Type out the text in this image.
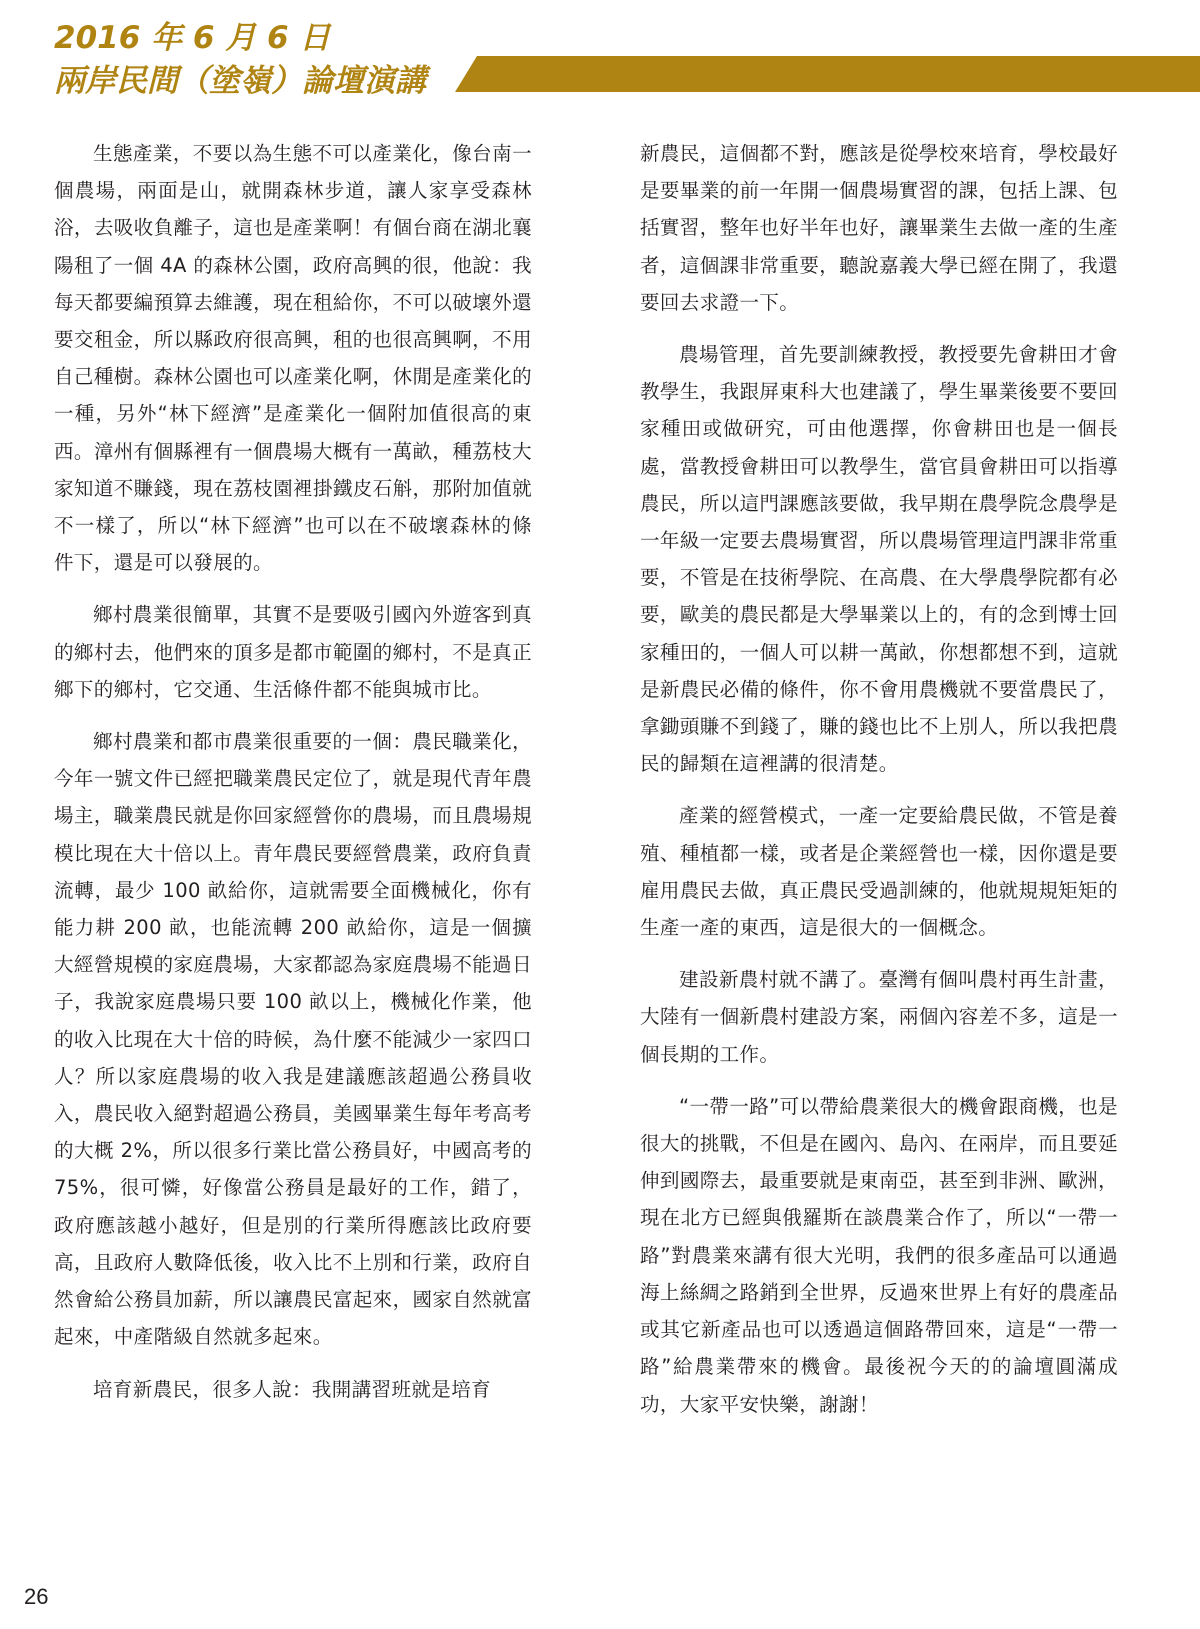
2016 年 6 月 6 日
兩岸民間（塗嶺）論壇演講

生態產業，不要以為生態不可以產業化，像台南一個農場，兩面是山，就開森林步道，讓人家享受森林浴，去吸收負離子，這也是產業啊！有個台商在湖北襄陽租了一個 4A 的森林公園，政府高興的很，他說：我每天都要編預算去維護，現在租給你，不可以破壞外還要交租金，所以縣政府很高興，租的也很高興啊，不用自己種樹。森林公園也可以產業化啊，休閒是產業化的一種，另外“林下經濟”是產業化一個附加值很高的東西。漳州有個縣裡有一個農場大概有一萬畝，種荔枝大家知道不賺錢，現在荔枝園裡掛鐵皮石斛，那附加值就不一樣了，所以“林下經濟”也可以在不破壞森林的條件下，還是可以發展的。

鄉村農業很簡單，其實不是要吸引國內外遊客到真的鄉村去，他們來的頂多是都市範圍的鄉村，不是真正鄉下的鄉村，它交通、生活條件都不能與城市比。

鄉村農業和都市農業很重要的一個：農民職業化，今年一號文件已經把職業農民定位了，就是現代青年農場主，職業農民就是你回家經營你的農場，而且農場規模比現在大十倍以上。青年農民要經營農業，政府負責流轉，最少 100 畝給你，這就需要全面機械化，你有能力耕 200 畝，也能流轉 200 畝給你，這是一個擴大經營規模的家庭農場，大家都認為家庭農場不能過日子，我說家庭農場只要 100 畝以上，機械化作業，他的收入比現在大十倍的時候，為什麼不能減少一家四口人？所以家庭農場的收入我是建議應該超過公務員收入，農民收入絕對超過公務員，美國畢業生每年考高考的大概 2%，所以很多行業比當公務員好，中國高考的 75%，很可憐，好像當公務員是最好的工作，錯了，政府應該越小越好，但是別的行業所得應該比政府要高，且政府人數降低後，收入比不上別和行業，政府自然會給公務員加薪，所以讓農民富起來，國家自然就富起來，中產階級自然就多起來。

培育新農民，很多人說：我開講習班就是培育

新農民，這個都不對，應該是從學校來培育，學校最好是要畢業的前一年開一個農場實習的課，包括上課、包括實習，整年也好半年也好，讓畢業生去做一產的生產者，這個課非常重要，聽說嘉義大學已經在開了，我還要回去求證一下。

農場管理，首先要訓練教授，教授要先會耕田才會教學生，我跟屏東科大也建議了，學生畢業後要不要回家種田或做研究，可由他選擇，你會耕田也是一個長處，當教授會耕田可以教學生，當官員會耕田可以指導農民，所以這門課應該要做，我早期在農學院念農學是一年級一定要去農場實習，所以農場管理這門課非常重要，不管是在技術學院、在高農、在大學農學院都有必要，歐美的農民都是大學畢業以上的，有的念到博士回家種田的，一個人可以耕一萬畝，你想都想不到，這就是新農民必備的條件，你不會用農機就不要當農民了，拿鋤頭賺不到錢了，賺的錢也比不上別人，所以我把農民的歸類在這裡講的很清楚。

產業的經營模式，一產一定要給農民做，不管是養殖、種植都一樣，或者是企業經營也一樣，因你還是要雇用農民去做，真正農民受過訓練的，他就規規矩矩的生產一產的東西，這是很大的一個概念。

建設新農村就不講了。臺灣有個叫農村再生計畫，大陸有一個新農村建設方案，兩個內容差不多，這是一個長期的工作。

“一帶一路”可以帶給農業很大的機會跟商機，也是很大的挑戰，不但是在國內、島內、在兩岸，而且要延伸到國際去，最重要就是東南亞，甚至到非洲、歐洲，現在北方已經與俄羅斯在談農業合作了，所以“一帶一路”對農業來講有很大光明，我們的很多產品可以通過海上絲綢之路銷到全世界，反過來世界上有好的農產品或其它新產品也可以透過這個路帶回來，這是“一帶一路”給農業帶來的機會。最後祝今天的的論壇圓滿成功，大家平安快樂，謝謝！

26
